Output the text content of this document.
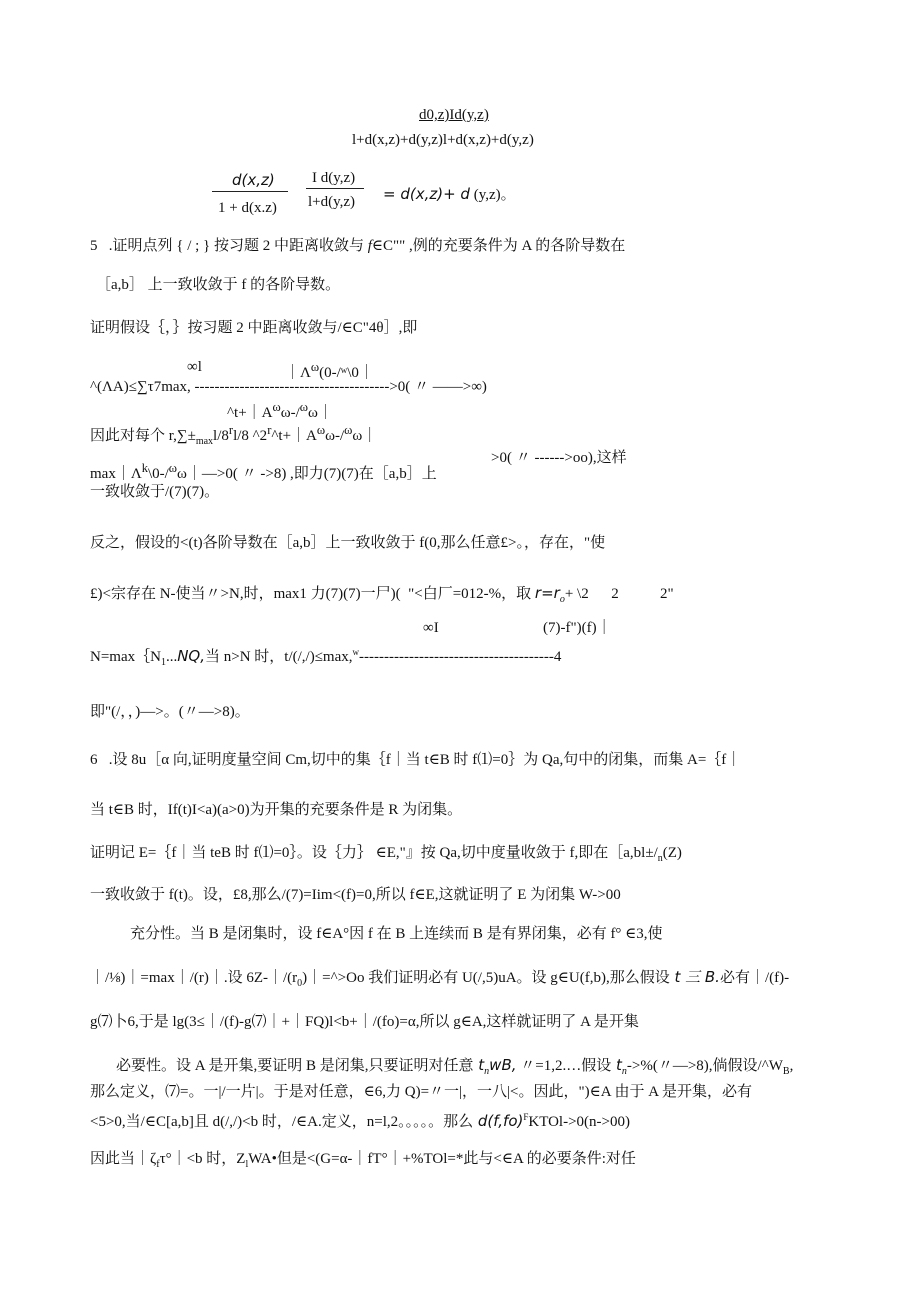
d0,z)Id(y,z)
l+d(x,z)+d(y,z)l+d(x,z)+d(y,z)
d(x,z)
1 + d(x.z)
I d(y,z)
l+d(y,z) = d(x,z)+ d (y,z)。
5   .证明点列 { / ; } 按习题 2 中距离收敛与 f∈C"" ,例的充要条件为 A 的各阶导数在
［a,b］ 上一致收敛于 f 的各阶导数。
证明假设｛，｝按习题 2 中距离收敛与/∈C"4θ］,即
∞l	$|\Lambda^\omega(0-/ʷ\backslash 0|$
^(ΛA)≤∑τ7max, --------------------------------------->0( 〃 ——>∞)
$\^{}t+|A^\omega\omega-/^\omega\omega|$
因此对每个 $r,\sum\pm_{max}l/8^rl/8$ $\^{}2^r\^{}t+|A^\omega\omega-/^\omega\omega|$
>0( 〃 ------>oo),这样
$\max|\Lambda^k\backslash 0-/^\omega\omega|—>0$( 〃 ->8) ,即力(7)(7)在［a,b］上
一致收敛于/(7)(7)。
反之，假设的<(t)各阶导数在［a,b］上一致收敛于 f(0,那么任意£>。，存在，"使
£)<宗存在 N-使当〃>N,时，max1 力(7)(7)一尸)(  "<白厂=012-%，取 $r=r_o+$ \2      2           2"
∞I	(7)-f")(f)｜
$N=\max\{N_1...NQ$,当 n>N 时，t/(/,/)≤max,$^w$---------------------------------------4
即"(/，，)—>。(〃—>8)。
6   .设 8u［α 向,证明度量空间 Cm,切中的集｛f｜当 t∈B 时 f⑴=0｝为 Qa,句中的闭集，而集 A=｛f｜
当 t∈B 时，If(t)I<a)(a>0)为开集的充要条件是 R 为闭集。
证明记 E=｛f｜当 teB 时 f⑴=0｝。设｛力｝ ∈E,"』按 Qa,切中度量收敛于 f,即在$[a,bl\pm/_n(Z)$
一致收敛于 f(t)。设，£8,那么/(7)=Iim<(f)=0,所以 f∈E,这就证明了 E 为闭集 W->00
充分性。当 B 是闭集时，设 f∈A°因 f 在 B 上连续而 B 是有界闭集，必有 f° ∈3,使
｜/⅛)｜=max｜/(r)｜.设 $6Z-|/(r_0)|=\^{}>Oo$ 我们证明必有 U(/,5)uA。设 g∈U(f,b),那么假设 t 三 B.必有｜/(f)-
g⑺卜6,于是 lg(3≤｜/(f)-g⑺｜+｜FQ)l<b+｜/(fo)=α,所以 g∈A,这样就证明了 A 是开集
必要性。设 A 是开集,要证明 B 是闭集,只要证明对任意 $t_nwB$, 〃=1,2.…假设 $t_n->\%$(〃—>8),倘假设$/\^{}W_B$,
那么定义，⑺=。一|/一片|。于是对任意，∈6,力 Q)=〃一|，一八|<。因此，")∈A 由于 A 是开集，必有
<5>0,当/∈C[a,b]且 d(/,/)<b 时，/∈A.定义，n=l,2。。。。。那么 $d(f,fo)^FKTOl->0(n->00)$
因此当$|\zeta_f\tau^\circ|<b$ 时，$Z_lWA•$但是<(G=α-｜fT°｜+%TOl=*此与<∈A 的必要条件:对任
